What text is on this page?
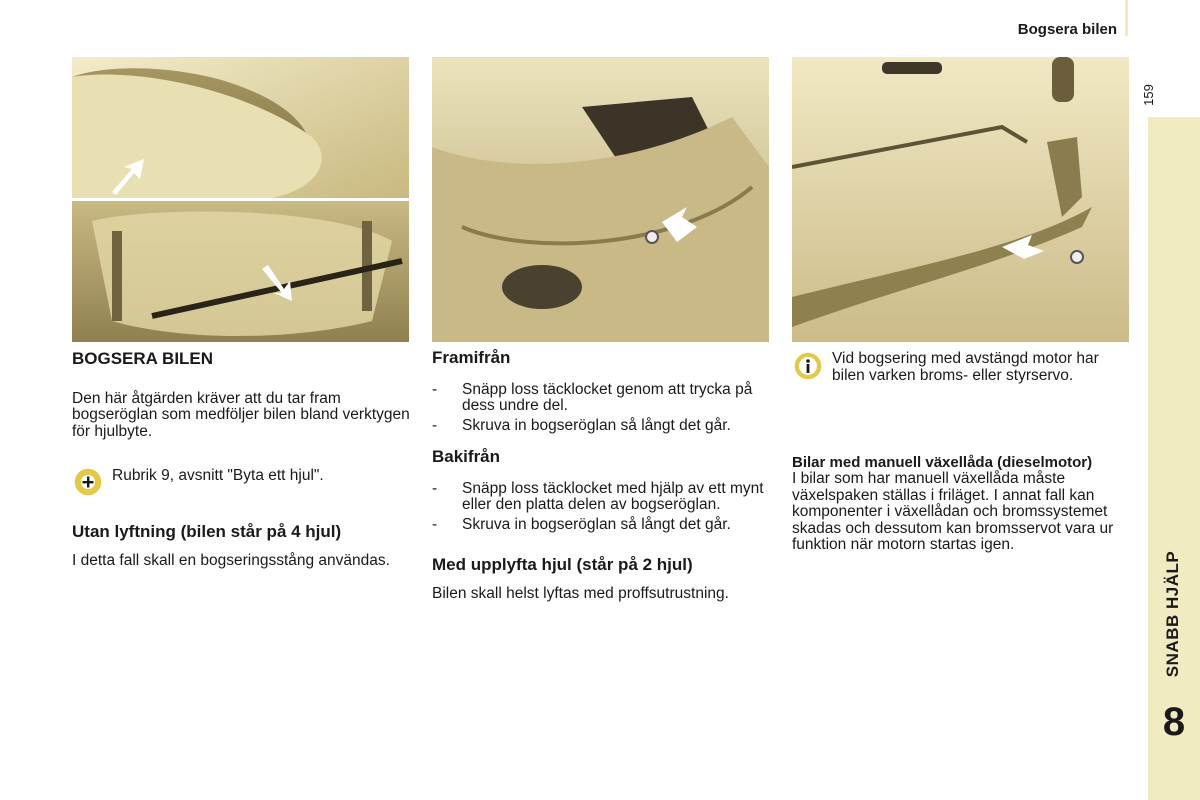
Bogsera bilen
159
SNABB HJÄLP
8
BOGSERA BILEN

Den här åtgärden kräver att du tar fram bogseröglan som medföljer bilen bland verktygen för hjulbyte.

Rubrik 9, avsnitt "Byta ett hjul".
Utan lyftning (bilen står på 4 hjul)

I detta fall skall en bogseringsstång användas.

Framifrån
-	Snäpp loss täcklocket genom att trycka på dess undre del.
-	Skruva in bogseröglan så långt det går.
Bakifrån
-	Snäpp loss täcklocket med hjälp av ett mynt eller den platta delen av bogseröglan.
-	Skruva in bogseröglan så långt det går.
Med upplyfta hjul (står på 2 hjul)

Bilen skall helst lyftas med proffsutrustning.

Vid bogsering med avstängd motor har bilen varken broms- eller styrservo.
Bilar med manuell växellåda (dieselmotor)

I bilar som har manuell växellåda måste växelspaken ställas i friläget. I annat fall kan komponenter i växellådan och bromssystemet skadas och dessutom kan bromsservot vara ur funktion när motorn startas igen.
